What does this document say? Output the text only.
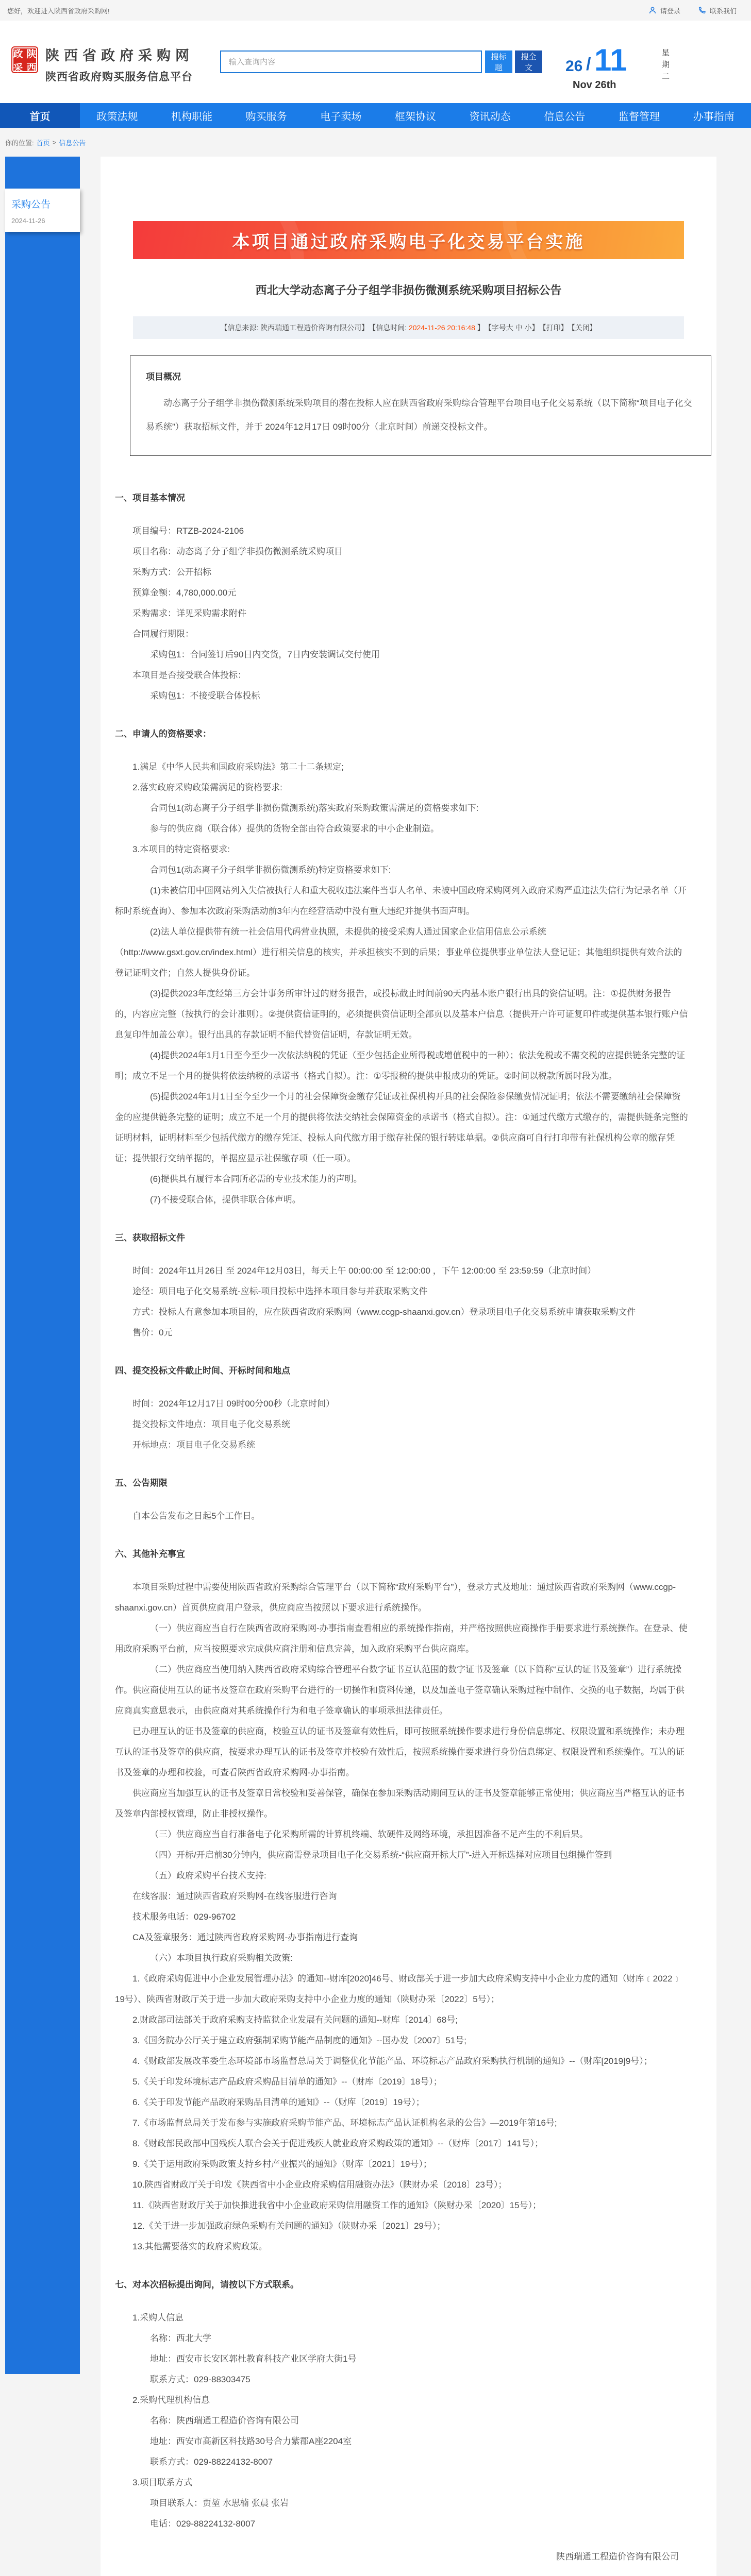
您好，欢迎进入陕西省政府采购网!	请登录	联系我们
政 陕
采 西
陕西省政府采购网
陕西省政府购买服务信息平台
输入查询内容
搜标题
搜全文	26 / 11	星期二
Nov 26th
首页	政策法规	机构职能	购买服务	电子卖场	框架协议	资讯动态	信息公告	监督管理	办事指南
你的位置: 首页 > 信息公告
采购公告
2024-11-26
本项目通过政府采购电子化交易平台实施
西北大学动态离子分子组学非损伤微测系统采购项目招标公告
【信息来源: 陕西瑞通工程造价咨询有限公司】 【信息时间: 2024-11-26 20:16:48 】 【字号大 中 小】 【打印】 【关闭】
项目概况

动态离子分子组学非损伤微测系统采购项目的潜在投标人应在陕西省政府采购综合管理平台项目电子化交易系统（以下简称“项目电子化交易系统”）获取招标文件，并于 2024年12月17日 09时00分（北京时间）前递交投标文件。

一、项目基本情况

项目编号：RTZB-2024-2106

项目名称：动态离子分子组学非损伤微测系统采购项目

采购方式：公开招标

预算金额：4,780,000.00元

采购需求：详见采购需求附件

合同履行期限：

采购包1：合同签订后90日内交货，7日内安装调试交付使用

本项目是否接受联合体投标：

采购包1：不接受联合体投标

二、申请人的资格要求：

1.满足《中华人民共和国政府采购法》第二十二条规定;

2.落实政府采购政策需满足的资格要求:

合同包1(动态离子分子组学非损伤微测系统)落实政府采购政策需满足的资格要求如下:

参与的供应商（联合体）提供的货物全部由符合政策要求的中小企业制造。

3.本项目的特定资格要求:

合同包1(动态离子分子组学非损伤微测系统)特定资格要求如下:

(1)未被信用中国网站列入失信被执行人和重大税收违法案件当事人名单、未被中国政府采购网列入政府采购严重违法失信行为记录名单（开标时系统查询）、参加本次政府采购活动前3年内在经营活动中没有重大违纪并提供书面声明。

(2)法人单位提供带有统一社会信用代码营业执照，未提供的接受采购人通过国家企业信用信息公示系统（http://www.gsxt.gov.cn/index.html）进行相关信息的核实，并承担核实不到的后果；事业单位提供事业单位法人登记证；其他组织提供有效合法的登记证明文件；自然人提供身份证。

(3)提供2023年度经第三方会计事务所审计过的财务报告，或投标截止时间前90天内基本账户银行出具的资信证明。注：①提供财务报告的，内容应完整（按执行的会计准则）。②提供资信证明的，必须提供资信证明全部页以及基本户信息（提供开户许可证复印件或提供基本银行账户信息复印件加盖公章）。银行出具的存款证明不能代替资信证明，存款证明无效。

(4)提供2024年1月1日至今至少一次依法纳税的凭证（至少包括企业所得税或增值税中的一种）；依法免税或不需交税的应提供链条完整的证明；成立不足一个月的提供将依法纳税的承诺书（格式自拟）。注：①零报税的提供申报成功的凭证。②时间以税款所属时段为准。

(5)提供2024年1月1日至今至少一个月的社会保障资金缴存凭证或社保机构开具的社会保险参保缴费情况证明；依法不需要缴纳社会保障资金的应提供链条完整的证明；成立不足一个月的提供将依法交纳社会保障资金的承诺书（格式自拟）。注：①通过代缴方式缴存的，需提供链条完整的证明材料，证明材料至少包括代缴方的缴存凭证、投标人向代缴方用于缴存社保的银行转账单据。②供应商可自行打印带有社保机构公章的缴存凭证；提供银行交纳单据的，单据应显示社保缴存项（任一项）。

(6)提供具有履行本合同所必需的专业技术能力的声明。

(7)不接受联合体，提供非联合体声明。

三、获取招标文件

时间：2024年11月26日 至 2024年12月03日，每天上午 00:00:00 至 12:00:00 ，下午 12:00:00 至 23:59:59（北京时间）

途径：项目电子化交易系统-应标-项目投标中选择本项目参与并获取采购文件

方式：投标人有意参加本项目的，应在陕西省政府采购网（www.ccgp-shaanxi.gov.cn）登录项目电子化交易系统申请获取采购文件

售价：0元

四、提交投标文件截止时间、开标时间和地点

时间：2024年12月17日 09时00分00秒（北京时间）

提交投标文件地点：项目电子化交易系统

开标地点：项目电子化交易系统

五、公告期限

自本公告发布之日起5个工作日。

六、其他补充事宜

本项目采购过程中需要使用陕西省政府采购综合管理平台（以下简称“政府采购平台”），登录方式及地址：通过陕西省政府采购网（www.ccgp-shaanxi.gov.cn）首页供应商用户登录，供应商应当按照以下要求进行系统操作。

（一）供应商应当自行在陕西省政府采购网-办事指南查看相应的系统操作指南，并严格按照供应商操作手册要求进行系统操作。在登录、使用政府采购平台前，应当按照要求完成供应商注册和信息完善，加入政府采购平台供应商库。

（二）供应商应当使用纳入陕西省政府采购综合管理平台数字证书互认范围的数字证书及签章（以下简称“互认的证书及签章”）进行系统操作。供应商使用互认的证书及签章在政府采购平台进行的一切操作和资料传递，以及加盖电子签章确认采购过程中制作、交换的电子数据，均属于供应商真实意思表示，由供应商对其系统操作行为和电子签章确认的事项承担法律责任。

已办理互认的证书及签章的供应商，校验互认的证书及签章有效性后，即可按照系统操作要求进行身份信息绑定、权限设置和系统操作；未办理互认的证书及签章的供应商，按要求办理互认的证书及签章并校验有效性后，按照系统操作要求进行身份信息绑定、权限设置和系统操作。互认的证书及签章的办理和校验，可查看陕西省政府采购网-办事指南。

供应商应当加强互认的证书及签章日常校验和妥善保管，确保在参加采购活动期间互认的证书及签章能够正常使用；供应商应当严格互认的证书及签章内部授权管理，防止非授权操作。

（三）供应商应当自行准备电子化采购所需的计算机终端、软硬件及网络环境，承担因准备不足产生的不利后果。

（四）开标/开启前30分钟内，供应商需登录项目电子化交易系统-“供应商开标大厅”-进入开标选择对应项目包组操作签到

（五）政府采购平台技术支持:

在线客服：通过陕西省政府采购网-在线客服进行咨询

技术服务电话：029-96702

CA及签章服务：通过陕西省政府采购网-办事指南进行查询

（六）本项目执行政府采购相关政策:

1.《政府采购促进中小企业发展管理办法》的通知--财库[2020]46号、财政部关于进一步加大政府采购支持中小企业力度的通知（财库﹝2022﹞19号）、陕西省财政厅关于进一步加大政府采购支持中小企业力度的通知（陕财办采〔2022〕5号）；

2.财政部司法部关于政府采购支持监狱企业发展有关问题的通知--财库〔2014〕68号;

3.《国务院办公厅关于建立政府强制采购节能产品制度的通知》--国办发〔2007〕51号;

4.《财政部发展改革委生态环境部市场监督总局关于调整优化节能产品、环境标志产品政府采购执行机制的通知》--（财库[2019]9号）；

5.《关于印发环境标志产品政府采购品目清单的通知》--（财库〔2019〕18号）；

6.《关于印发节能产品政府采购品目清单的通知》--（财库〔2019〕19号）；

7.《市场监督总局关于发布参与实施政府采购节能产品、环境标志产品认证机构名录的公告》—2019年第16号;

8.《财政部民政部中国残疾人联合会关于促进残疾人就业政府采购政策的通知》--（财库〔2017〕141号）；

9.《关于运用政府采购政策支持乡村产业振兴的通知》（财库〔2021〕19号）；

10.陕西省财政厅关于印发《陕西省中小企业政府采购信用融资办法》（陕财办采〔2018〕23号）；

11.《陕西省财政厅关于加快推进我省中小企业政府采购信用融资工作的通知》（陕财办采〔2020〕15号）；

12.《关于进一步加强政府绿色采购有关问题的通知》（陕财办采〔2021〕29号）；

13.其他需要落实的政府采购政策。

七、对本次招标提出询问，请按以下方式联系。

1.采购人信息

名称：西北大学

地址：西安市长安区郭杜教育科技产业区学府大街1号

联系方式：029-88303475

2.采购代理机构信息

名称：陕西瑞通工程造价咨询有限公司

地址：西安市高新区科技路30号合力紫郡A座2204室

联系方式：029-88224132-8007

3.项目联系方式

项目联系人：贾堃 水思楠 张晨 张岩

电话：029-88224132-8007

陕西瑞通工程造价咨询有限公司
